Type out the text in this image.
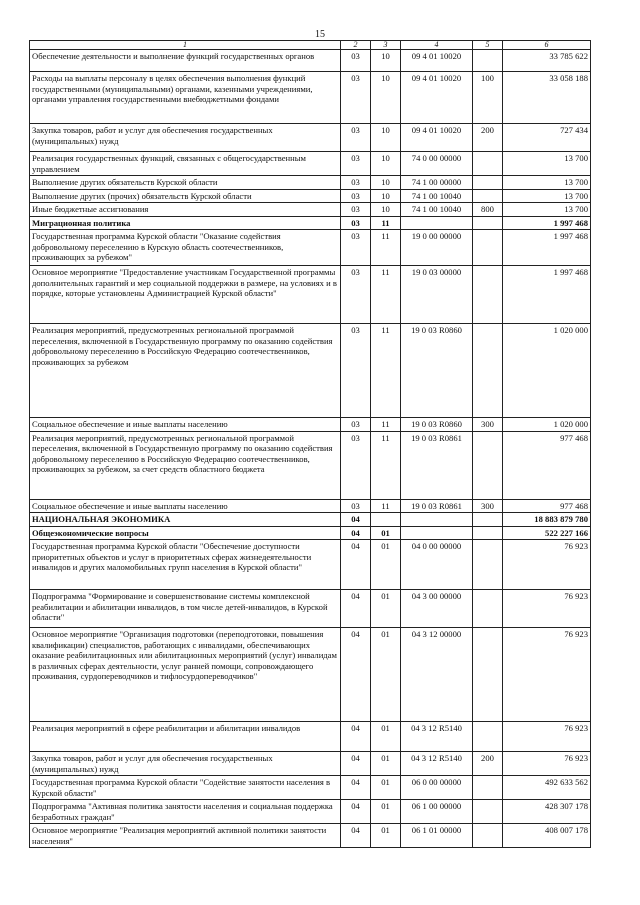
15
1	2	3	4	5	6
Обеспечение деятельности и выполнение функций государственных органов	03	10	09 4 01 10020		33 785 622
Расходы на выплаты персоналу в целях обеспечения выполнения функций государственными (муниципальными) органами, казенными учреждениями, органами управления государственными внебюджетными фондами	03	10	09 4 01 10020	100	33 058 188
Закупка товаров, работ и услуг для обеспечения государственных (муниципальных) нужд	03	10	09 4 01 10020	200	727 434
Реализация государственных функций, связанных с общегосударственным управлением	03	10	74 0 00 00000		13 700
Выполнение других обязательств Курской области	03	10	74 1 00 00000		13 700
Выполнение других (прочих) обязательств Курской области	03	10	74 1 00 10040		13 700
Иные бюджетные ассигнования	03	10	74 1 00 10040	800	13 700
Миграционная политика	03	11			1 997 468
Государственная программа Курской области "Оказание содействия добровольному переселению в Курскую область соотечественников, проживающих за рубежом"	03	11	19 0 00 00000		1 997 468
Основное мероприятие "Предоставление участникам Государственной программы дополнительных гарантий и мер социальной поддержки в размере, на условиях и в порядке, которые установлены Администрацией Курской области"	03	11	19 0 03 00000		1 997 468
Реализация мероприятий, предусмотренных региональной программой переселения, включенной в Государственную программу по оказанию содействия добровольному переселению в Российскую Федерацию соотечественников, проживающих за рубежом	03	11	19 0 03 R0860		1 020 000
Социальное обеспечение и иные выплаты населению	03	11	19 0 03 R0860	300	1 020 000
Реализация мероприятий, предусмотренных региональной программой переселения, включенной в Государственную программу по оказанию содействия добровольному переселению в Российскую Федерацию соотечественников, проживающих за рубежом, за счет средств областного бюджета	03	11	19 0 03 R0861		977 468
Социальное обеспечение и иные выплаты населению	03	11	19 0 03 R0861	300	977 468
НАЦИОНАЛЬНАЯ ЭКОНОМИКА	04				18 883 879 780
Общеэкономические вопросы	04	01			522 227 166
Государственная программа Курской области "Обеспечение доступности приоритетных объектов и услуг в приоритетных сферах жизнедеятельности инвалидов и других маломобильных групп населения в Курской области"	04	01	04 0 00 00000		76 923
Подпрограмма "Формирование и совершенствование системы комплексной реабилитации и абилитации инвалидов, в том числе детей-инвалидов, в Курской области"	04	01	04 3 00 00000		76 923
Основное мероприятие "Организация подготовки (переподготовки, повышения квалификации) специалистов, работающих с инвалидами, обеспечивающих оказание реабилитационных или абилитационных мероприятий (услуг) инвалидам в различных сферах деятельности, услуг ранней помощи, сопровождающего проживания, сурдопереводчиков и тифлосурдопереводчиков"	04	01	04 3 12 00000		76 923
Реализация мероприятий в сфере реабилитации и абилитации инвалидов	04	01	04 3 12 R5140		76 923
Закупка товаров, работ и услуг для обеспечения государственных (муниципальных) нужд	04	01	04 3 12 R5140	200	76 923
Государственная программа Курской области "Содействие занятости населения в Курской области"	04	01	06 0 00 00000		492 633 562
Подпрограмма "Активная политика занятости населения и социальная поддержка безработных граждан"	04	01	06 1 00 00000		428 307 178
Основное мероприятие "Реализация мероприятий активной политики занятости населения"	04	01	06 1 01 00000		408 007 178
